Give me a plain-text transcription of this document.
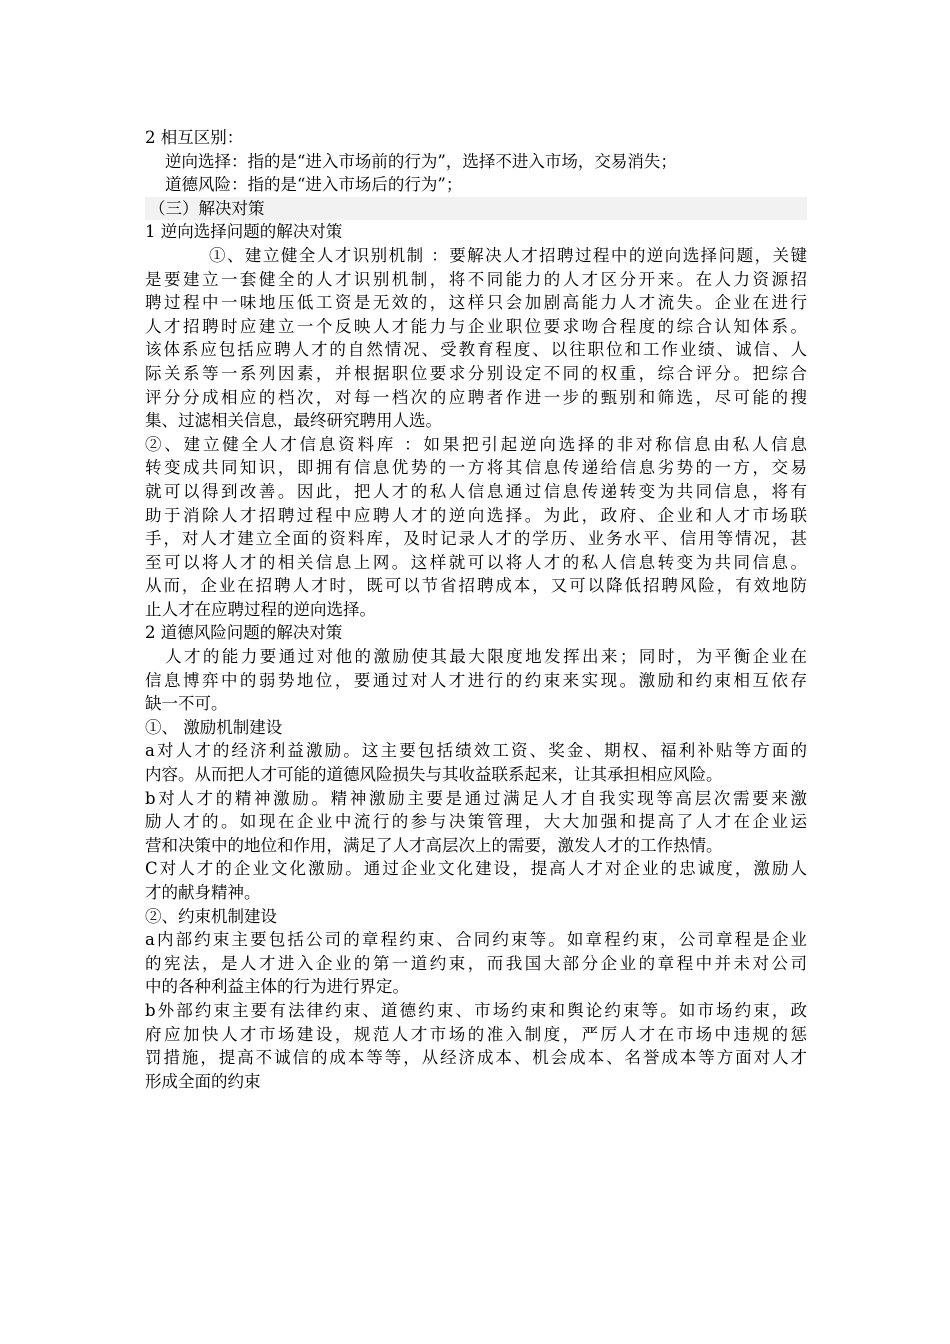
2 相互区别：
逆向选择：指的是“进入市场前的行为”，选择不进入市场，交易消失；
道德风险：指的是“进入市场后的行为”；
（三）解决对策
1 逆向选择问题的解决对策
①、建立健全人才识别机制 ：要解决人才招聘过程中的逆向选择问题，关键
是要建立一套健全的人才识别机制，将不同能力的人才区分开来。在人力资源招
聘过程中一味地压低工资是无效的，这样只会加剧高能力人才流失。企业在进行
人才招聘时应建立一个反映人才能力与企业职位要求吻合程度的综合认知体系。
该体系应包括应聘人才的自然情况、受教育程度、以往职位和工作业绩、诚信、人
际关系等一系列因素，并根据职位要求分别设定不同的权重，综合评分。把综合
评分分成相应的档次，对每一档次的应聘者作进一步的甄别和筛选，尽可能的搜
集、过滤相关信息，最终研究聘用人选。
②、建立健全人才信息资料库 ：如果把引起逆向选择的非对称信息由私人信息
转变成共同知识，即拥有信息优势的一方将其信息传递给信息劣势的一方，交易
就可以得到改善。因此，把人才的私人信息通过信息传递转变为共同信息，将有
助于消除人才招聘过程中应聘人才的逆向选择。为此，政府、企业和人才市场联
手，对人才建立全面的资料库，及时记录人才的学历、业务水平、信用等情况，甚
至可以将人才的相关信息上网。这样就可以将人才的私人信息转变为共同信息。
从而，企业在招聘人才时，既可以节省招聘成本，又可以降低招聘风险，有效地防
止人才在应聘过程的逆向选择。
2 道德风险问题的解决对策
人才的能力要通过对他的激励使其最大限度地发挥出来；同时，为平衡企业在
信息博弈中的弱势地位，要通过对人才进行的约束来实现。激励和约束相互依存
缺一不可。
①、 激励机制建设
a对人才的经济利益激励。这主要包括绩效工资、奖金、期权、福利补贴等方面的
内容。从而把人才可能的道德风险损失与其收益联系起来，让其承担相应风险。
b对人才的精神激励。精神激励主要是通过满足人才自我实现等高层次需要来激
励人才的。如现在企业中流行的参与决策管理，大大加强和提高了人才在企业运
营和决策中的地位和作用，满足了人才高层次上的需要，激发人才的工作热情。
C对人才的企业文化激励。通过企业文化建设，提高人才对企业的忠诚度，激励人
才的献身精神。
②、约束机制建设
a内部约束主要包括公司的章程约束、合同约束等。如章程约束，公司章程是企业
的宪法，是人才进入企业的第一道约束，而我国大部分企业的章程中并未对公司
中的各种利益主体的行为进行界定。
b外部约束主要有法律约束、道德约束、市场约束和舆论约束等。如市场约束，政
府应加快人才市场建设，规范人才市场的准入制度，严厉人才在市场中违规的惩
罚措施，提高不诚信的成本等等，从经济成本、机会成本、名誉成本等方面对人才
形成全面的约束
